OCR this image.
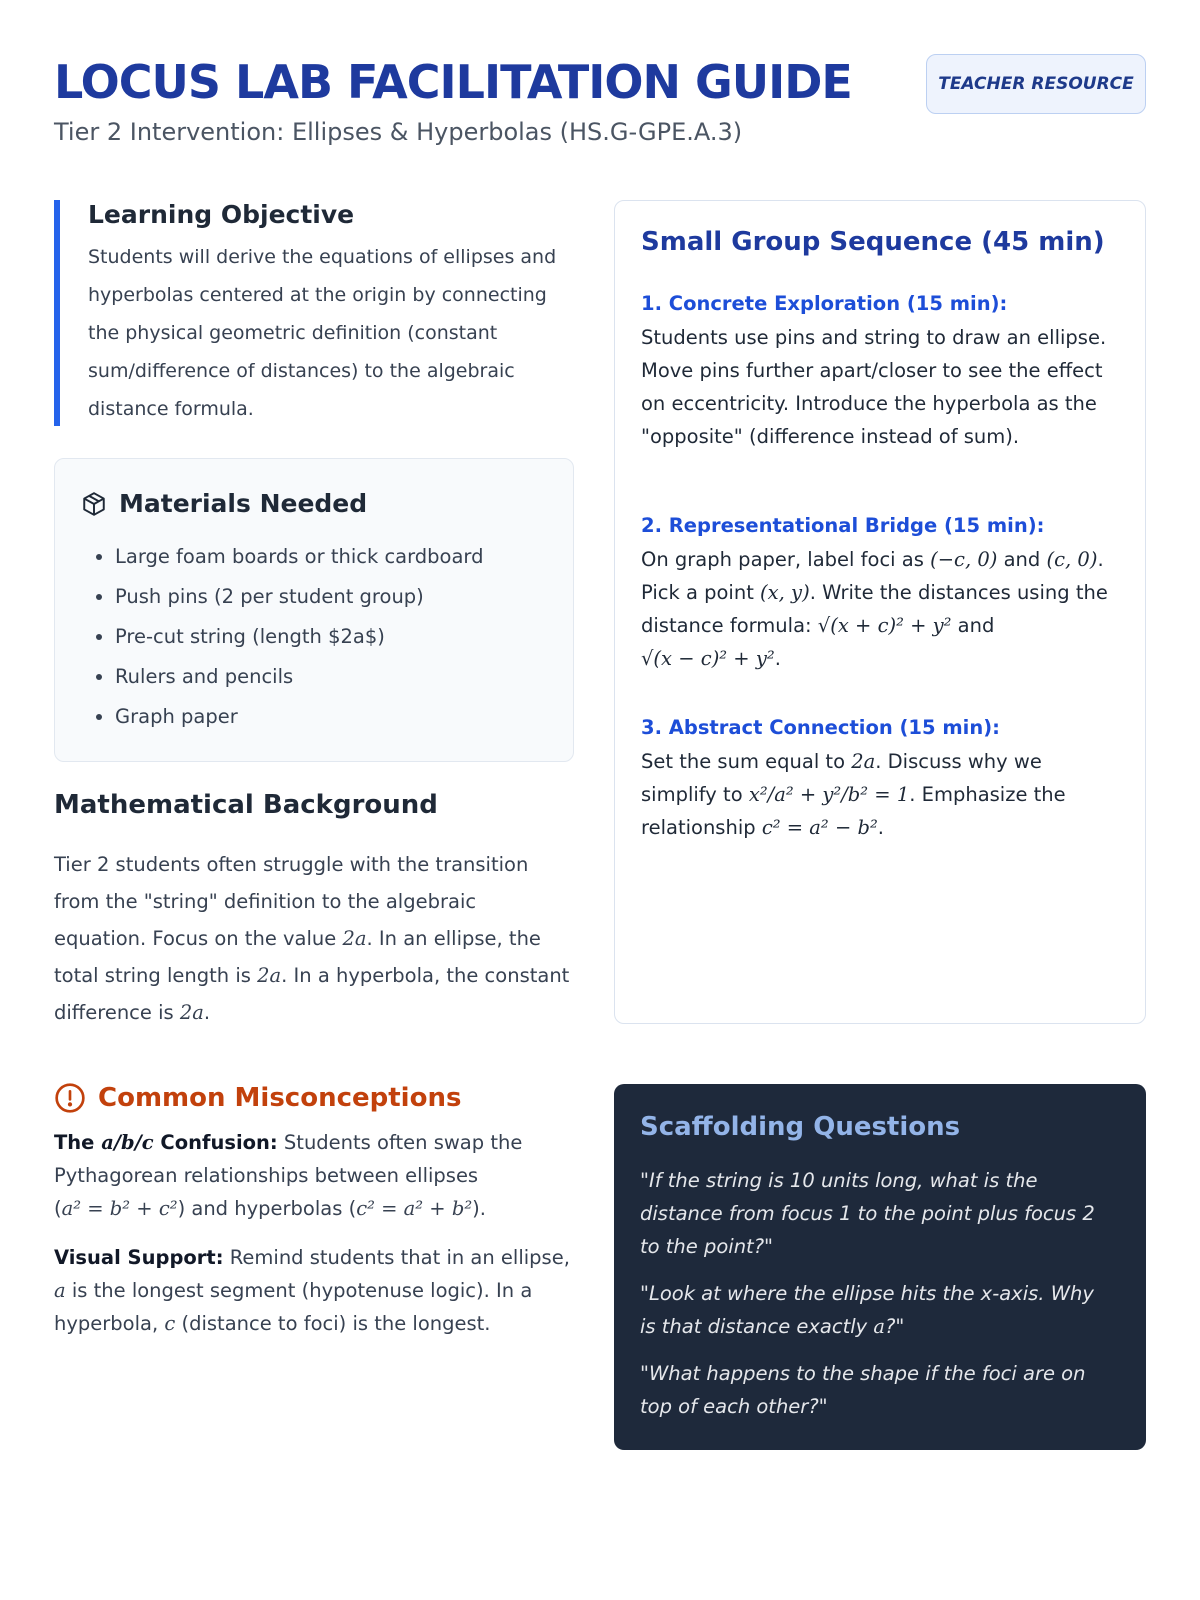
LOCUS LAB FACILITATION GUIDE	TEACHER RESOURCE
Tier 2 Intervention: Ellipses & Hyperbolas (HS.G-GPE.A.3)
Learning Objective

Students will derive the equations of ellipses and hyperbolas centered at the origin by connecting the physical geometric definition (constant sum/difference of distances) to the algebraic distance formula.

Materials Needed
• Large foam boards or thick cardboard
• Push pins (2 per student group)
• Pre-cut string (length $2a$)
• Rulers and pencils
• Graph paper
Mathematical Background

Tier 2 students often struggle with the transition from the "string" definition to the algebraic equation. Focus on the value 2a. In an ellipse, the total string length is 2a. In a hyperbola, the constant difference is 2a.

Common Misconceptions

The a/b/c Confusion: Students often swap the Pythagorean relationships between ellipses (a² = b² + c²) and hyperbolas (c² = a² + b²).

Visual Support: Remind students that in an ellipse, a is the longest segment (hypotenuse logic). In a hyperbola, c (distance to foci) is the longest.

Small Group Sequence (45 min)
1. Concrete Exploration (15 min):

Students use pins and string to draw an ellipse. Move pins further apart/closer to see the effect on eccentricity. Introduce the hyperbola as the "opposite" (difference instead of sum).

2. Representational Bridge (15 min):

On graph paper, label foci as (−c, 0) and (c, 0). Pick a point (x, y). Write the distances using the distance formula: √(x + c)² + y² and √(x − c)² + y².

3. Abstract Connection (15 min):

Set the sum equal to 2a. Discuss why we simplify to x²/a² + y²/b² = 1. Emphasize the relationship c² = a² − b².

Scaffolding Questions

"If the string is 10 units long, what is the distance from focus 1 to the point plus focus 2 to the point?"

"Look at where the ellipse hits the x-axis. Why is that distance exactly a?"

"What happens to the shape if the foci are on top of each other?"
